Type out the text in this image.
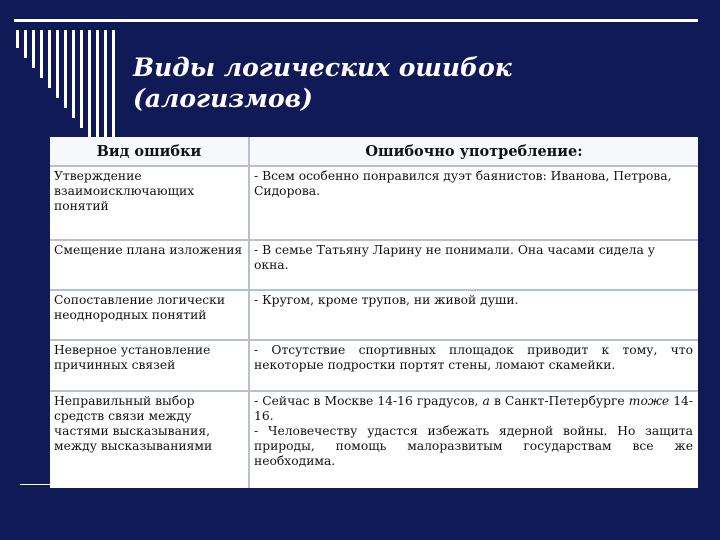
Виды логических ошибок
(алогизмов)
Вид ошибки	Ошибочно употребление:
Утверждение взаимоисключающих понятий	- Всем особенно понравился дуэт баянистов: Иванова, Петрова, Сидорова.
Смещение плана изложения	- В семье Татьяну Ларину не понимали. Она часами сидела у окна.
Сопоставление логически неоднородных понятий	- Кругом, кроме трупов, ни живой души.
Неверное установление причинных связей	- Отсутствие спортивных площадок приводит к тому, что некоторые подростки портят стены, ломают скамейки.
Неправильный выбор средств связи между частями высказывания, между высказываниями	- Сейчас в Москве 14-16 градусов, а в Санкт-Петербурге тоже 14-16.
- Человечеству удастся избежать ядерной войны. Но защита природы, помощь малоразвитым государствам все же необходима.
